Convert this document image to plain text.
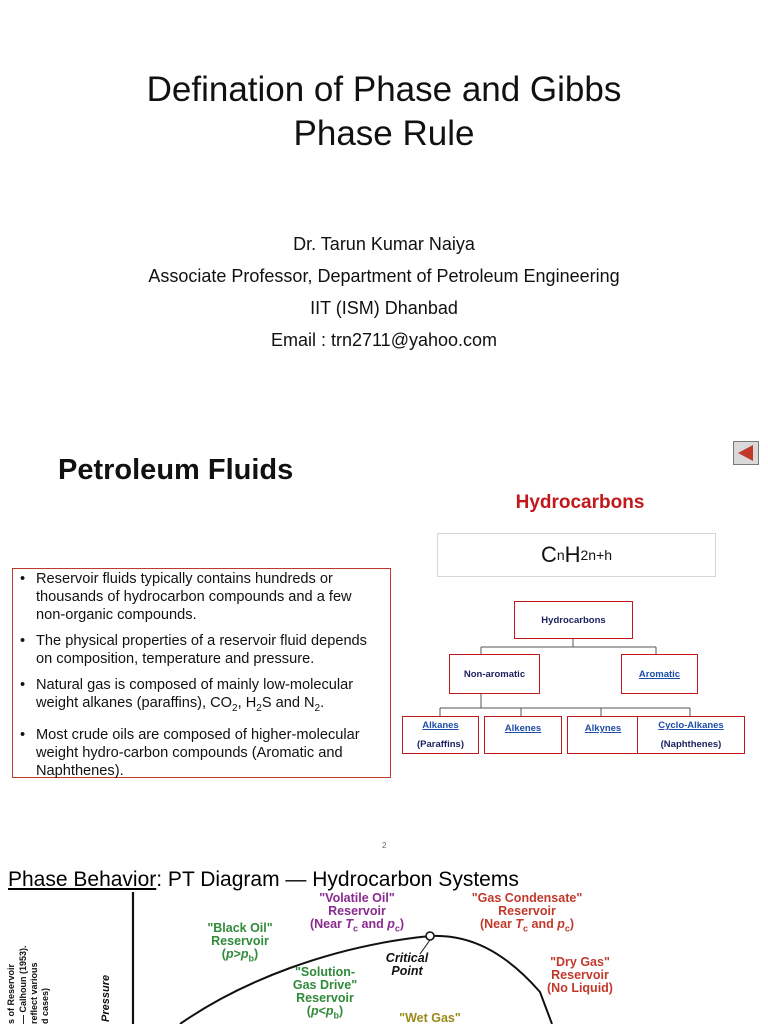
Defination of Phase and Gibbs
Phase Rule
Dr. Tarun Kumar Naiya
Associate Professor, Department of Petroleum Engineering
IIT (ISM) Dhanbad
Email : trn2711@yahoo.com
Petroleum Fluids
Hydrocarbons
C n H 2n+h
• Reservoir fluids typically contains hundreds or thousands of hydrocarbon compounds and a few non-organic compounds.
• The physical properties of a reservoir fluid depends on composition, temperature and pressure.
• Natural gas is composed of mainly low-molecular weight alkanes (paraffins), $CO_2$, $H_2S$ and $N_2$.
• Most crude oils are composed of higher-molecular weight hydro-carbon compounds (Aromatic and Naphthenes).
2
Hydrocarbons
Non-aromatic	Aromatic
Alkanes
(Paraffins)
Alkenes	Alkynes	Cyclo-Alkanes
(Naphthenes)
Phase Behavior: PT Diagram — Hydrocarbon Systems
s of Reservoir — Calhoun (1953). reflect various d cases)	Pressure
"Volatile Oil"
Reservoir
(Near $T_c$ and $p_c$)
"Gas Condensate"
Reservoir
(Near $T_c$ and $p_c$)
"Black Oil"
Reservoir
$(p>p_b)$	Critical
Point
"Dry Gas"
Reservoir
(No Liquid)
"Solution-
Gas Drive"
Reservoir
$(p<p_b)$	"Wet Gas"
